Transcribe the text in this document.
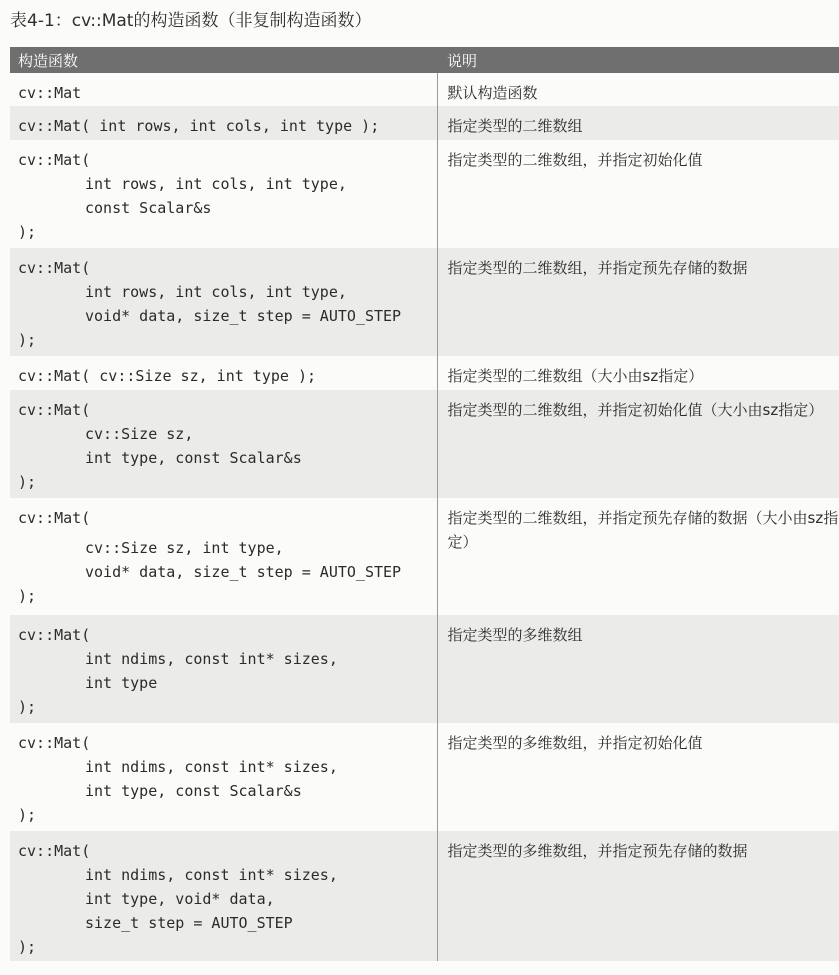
表4-1：cv::Mat的构造函数（非复制构造函数）
构造函数	说明

cv::Mat	默认构造函数

cv::Mat( int rows, int cols, int type );	指定类型的二维数组

cv::Mat(
int rows, int cols, int type,
const Scalar&s
);	指定类型的二维数组，并指定初始化值

cv::Mat(
int rows, int cols, int type,
void* data, size_t step = AUTO_STEP
);	指定类型的二维数组，并指定预先存储的数据

cv::Mat( cv::Size sz, int type );	指定类型的二维数组（大小由sz指定）

cv::Mat(
cv::Size sz,
int type, const Scalar&s
);	指定类型的二维数组，并指定初始化值（大小由sz指定）

cv::Mat(
cv::Size sz, int type,
void* data, size_t step = AUTO_STEP
);	指定类型的二维数组，并指定预先存储的数据（大小由sz指定）

cv::Mat(
int ndims, const int* sizes,
int type
);	指定类型的多维数组

cv::Mat(
int ndims, const int* sizes,
int type, const Scalar&s
);	指定类型的多维数组，并指定初始化值

cv::Mat(
int ndims, const int* sizes,
int type, void* data,
size_t step = AUTO_STEP
);	指定类型的多维数组，并指定预先存储的数据
